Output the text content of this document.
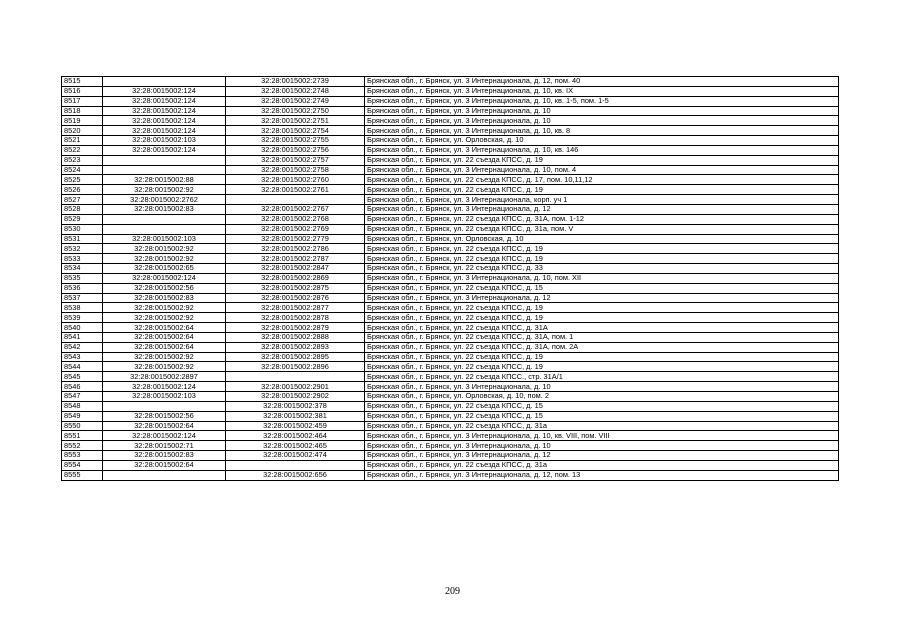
8515		32:28:0015002:2739	Брянская обл., г. Брянск, ул. 3 Интернационала, д. 12, пом. 40
8516	32:28:0015002:124	32:28:0015002:2748	Брянская обл., г. Брянск, ул. 3 Интернационала, д. 10, кв. IX
8517	32:28:0015002:124	32:28:0015002:2749	Брянская обл., г. Брянск, ул. 3 Интернационала, д. 10, кв. 1-5, пом. 1-5
8518	32:28:0015002:124	32:28:0015002:2750	Брянская обл., г. Брянск, ул. 3 Интернационала, д. 10
8519	32:28:0015002:124	32:28:0015002:2751	Брянская обл., г. Брянск, ул. 3 Интернационала, д. 10
8520	32:28:0015002:124	32:28:0015002:2754	Брянская обл., г. Брянск, ул. 3 Интернационала, д. 10, кв. 8
8521	32:28:0015002:103	32:28:0015002:2755	Брянская обл., г. Брянск, ул. Орловская, д. 10
8522	32:28:0015002:124	32:28:0015002:2756	Брянская обл., г. Брянск, ул. 3 Интернационала, д. 10, кв. 146
8523		32:28:0015002:2757	Брянская обл., г. Брянск, ул. 22 съезда КПСС, д. 19
8524		32:28:0015002:2758	Брянская обл., г. Брянск, ул. 3 Интернационала, д. 10, пом. 4
8525	32:28:0015002:88	32:28:0015002:2760	Брянская обл., г. Брянск, ул. 22 съезда КПСС, д. 17, пом. 10,11,12
8526	32:28:0015002:92	32:28:0015002:2761	Брянская обл., г. Брянск, ул. 22 съезда КПСС, д. 19
8527	32:28:0015002:2762		Брянская обл., г. Брянск, ул. 3 Интернационала, корп. уч 1
8528	32:28:0015002:83	32:28:0015002:2767	Брянская обл., г. Брянск, ул. 3 Интернационала, д. 12
8529		32:28:0015002:2768	Брянская обл., г. Брянск, ул. 22 съезда КПСС, д. 31А, пом. 1-12
8530		32:28:0015002:2769	Брянская обл., г. Брянск, ул. 22 съезда КПСС, д. 31а, пом. V
8531	32:28:0015002:103	32:28:0015002:2779	Брянская обл., г. Брянск, ул. Орловская, д. 10
8532	32:28:0015002:92	32:28:0015002:2786	Брянская обл., г. Брянск, ул. 22 съезда КПСС, д. 19
8533	32:28:0015002:92	32:28:0015002:2787	Брянская обл., г. Брянск, ул. 22 съезда КПСС, д. 19
8534	32:28:0015002:65	32:28:0015002:2847	Брянская обл., г. Брянск, ул. 22 съезда КПСС, д. 33
8535	32:28:0015002:124	32:28:0015002:2869	Брянская обл., г. Брянск, ул. 3 Интернационала, д. 10, пом. XII
8536	32:28:0015002:56	32:28:0015002:2875	Брянская обл., г. Брянск, ул. 22 съезда КПСС, д. 15
8537	32:28:0015002:83	32:28:0015002:2876	Брянская обл., г. Брянск, ул. 3 Интернационала, д. 12
8538	32:28:0015002:92	32:28:0015002:2877	Брянская обл., г. Брянск, ул. 22 съезда КПСС, д. 19
8539	32:28:0015002:92	32:28:0015002:2878	Брянская обл., г. Брянск, ул. 22 съезда КПСС, д. 19
8540	32:28:0015002:64	32:28:0015002:2879	Брянская обл., г. Брянск, ул. 22 съезда КПСС, д. 31А
8541	32:28:0015002:64	32:28:0015002:2888	Брянская обл., г. Брянск, ул. 22 съезда КПСС, д. 31А, пом. 1
8542	32:28:0015002:64	32:28:0015002:2893	Брянская обл., г. Брянск, ул. 22 съезда КПСС, д. 31А, пом. 2А
8543	32:28:0015002:92	32:28:0015002:2895	Брянская обл., г. Брянск, ул. 22 съезда КПСС, д. 19
8544	32:28:0015002:92	32:28:0015002:2896	Брянская обл., г. Брянск, ул. 22 съезда КПСС, д. 19
8545	32:28:0015002:2897		Брянская обл., г. Брянск, ул. 22 съезда КПСС., стр. 31А/1
8546	32:28:0015002:124	32:28:0015002:2901	Брянская обл., г. Брянск, ул. 3 Интернационала, д. 10
8547	32:28:0015002:103	32:28:0015002:2902	Брянская обл., г. Брянск, ул. Орловская, д. 10, пом. 2
8548		32:28:0015002:378	Брянская обл., г. Брянск, ул. 22 съезда КПСС, д. 15
8549	32:28:0015002:56	32:28:0015002:381	Брянская обл., г. Брянск, ул. 22 съезда КПСС, д. 15
8550	32:28:0015002:64	32:28:0015002:459	Брянская обл., г. Брянск, ул. 22 съезда КПСС, д. 31а
8551	32:28:0015002:124	32:28:0015002:464	Брянская обл., г. Брянск, ул. 3 Интернационала, д. 10, кв. VIII, пом. VIII
8552	32:28:0015002:71	32:28:0015002:465	Брянская обл., г. Брянск, ул. 3 Интернационала, д. 10
8553	32:28:0015002:83	32:28:0015002:474	Брянская обл., г. Брянск, ул. 3 Интернационала, д. 12
8554	32:28:0015002:64		Брянская обл., г. Брянск, ул. 22 съезда КПСС, д. 31а
8555		32:28:0015002:656	Брянская обл., г. Брянск, ул. 3 Интернационала, д. 12, пом. 13
209
